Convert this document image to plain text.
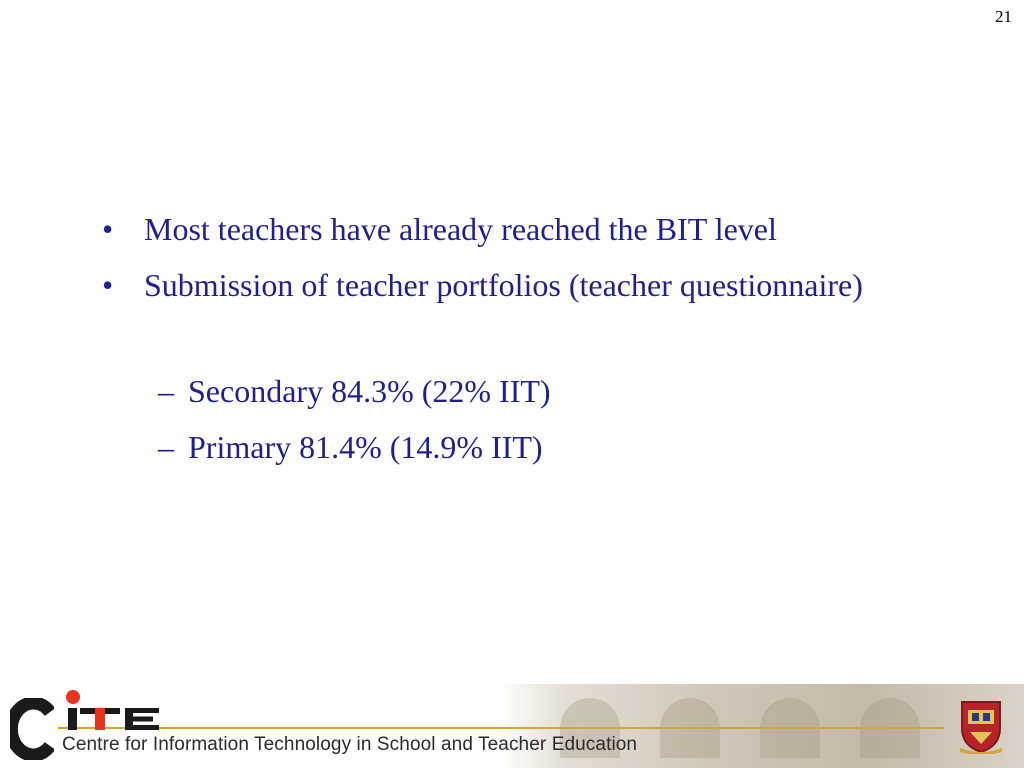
21
• Most teachers have already reached the BIT level
• Submission of teacher portfolios (teacher questionnaire)
– Secondary 84.3% (22% IIT)
– Primary 81.4% (14.9% IIT)
Centre for Information Technology in School and Teacher Education
